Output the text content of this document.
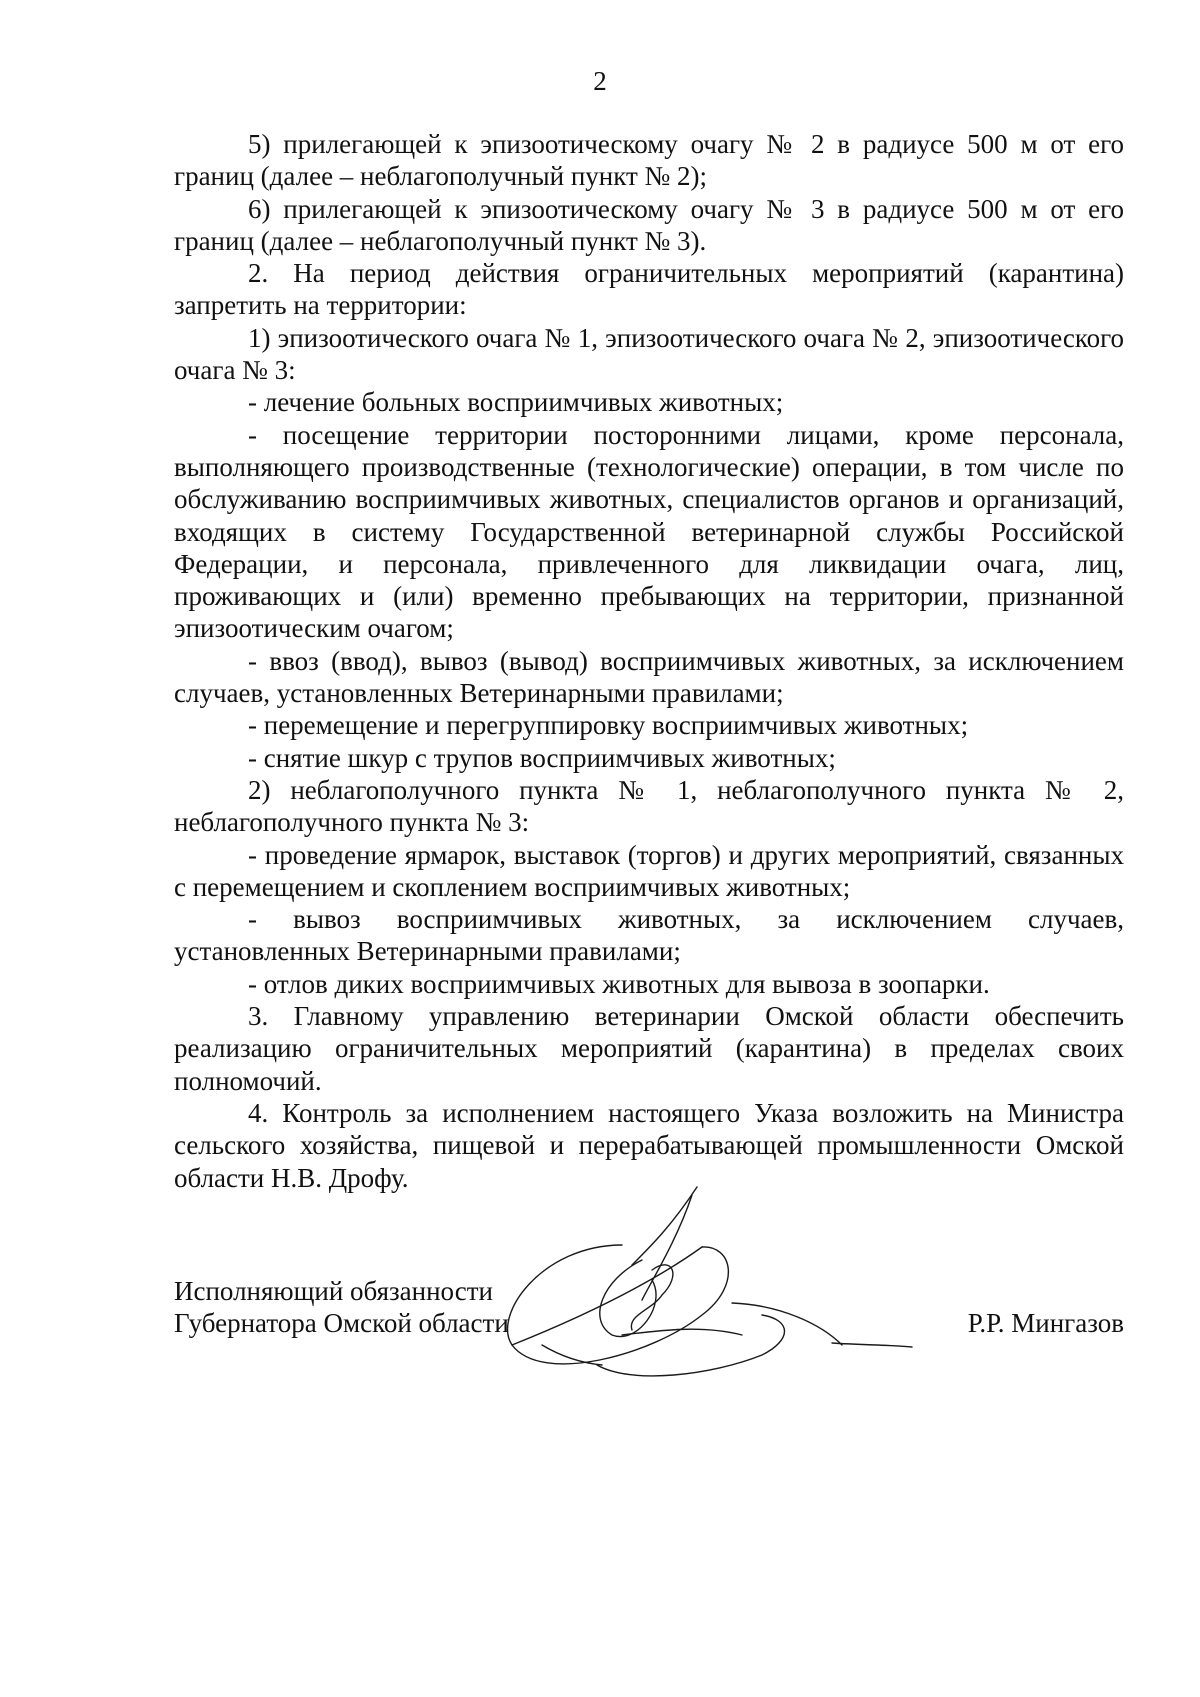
2

5) прилегающей к эпизоотическому очагу № 2 в радиусе 500 м от его границ (далее – неблагополучный пункт № 2);

6) прилегающей к эпизоотическому очагу № 3 в радиусе 500 м от его границ (далее – неблагополучный пункт № 3).

2. На период действия ограничительных мероприятий (карантина) запретить на территории:

1) эпизоотического очага № 1, эпизоотического очага № 2, эпизоотического очага № 3:

- лечение больных восприимчивых животных;

- посещение территории посторонними лицами, кроме персонала, выполняющего производственные (технологические) операции, в том числе по обслуживанию восприимчивых животных, специалистов органов и организаций, входящих в систему Государственной ветеринарной службы Российской Федерации, и персонала, привлеченного для ликвидации очага, лиц, проживающих и (или) временно пребывающих на территории, признанной эпизоотическим очагом;

- ввоз (ввод), вывоз (вывод) восприимчивых животных, за исключением случаев, установленных Ветеринарными правилами;

- перемещение и перегруппировку восприимчивых животных;

- снятие шкур с трупов восприимчивых животных;

2) неблагополучного пункта № 1, неблагополучного пункта № 2, неблагополучного пункта № 3:

- проведение ярмарок, выставок (торгов) и других мероприятий, связанных с перемещением и скоплением восприимчивых животных;

- вывоз восприимчивых животных, за исключением случаев, установленных Ветеринарными правилами;

- отлов диких восприимчивых животных для вывоза в зоопарки.

3. Главному управлению ветеринарии Омской области обеспечить реализацию ограничительных мероприятий (карантина) в пределах своих полномочий.

4. Контроль за исполнением настоящего Указа возложить на Министра сельского хозяйства, пищевой и перерабатывающей промышленности Омской области Н.В. Дрофу.

Исполняющий обязанности
Губернатора Омской области	Р.Р. Мингазов
